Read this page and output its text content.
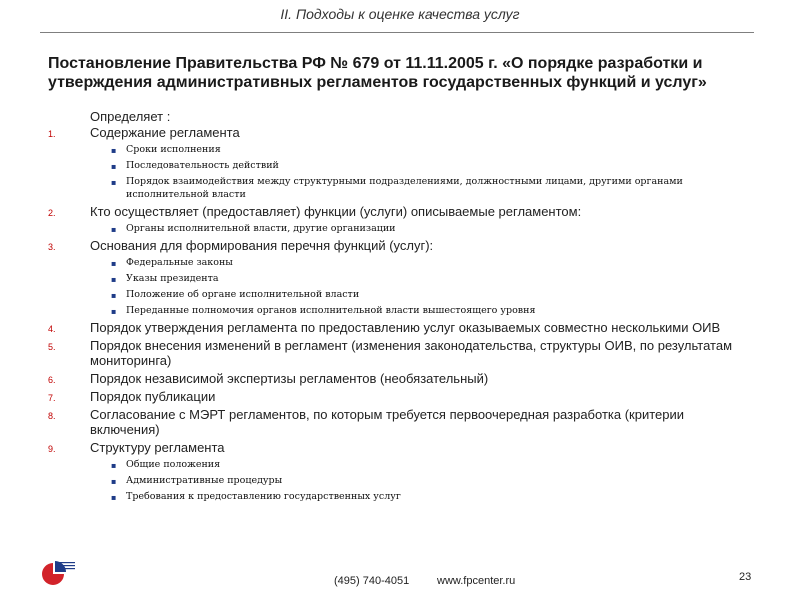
II. Подходы к оценке качества услуг
Постановление Правительства РФ № 679 от 11.11.2005 г. «О порядке разработки и утверждения административных регламентов государственных функций и услуг»
Определяет :
1.	Содержание регламента
▪ Сроки исполнения
▪ Последовательность действий
▪ Порядок взаимодействия между структурными подразделениями, должностными лицами, другими органами исполнительной власти
2.	Кто осуществляет (предоставляет) функции (услуги) описываемые регламентом:
▪ Органы исполнительной власти, другие организации
3.	Основания для формирования перечня функций (услуг):
▪ Федеральные законы
▪ Указы президента
▪ Положение об органе исполнительной власти
▪ Переданные полномочия органов исполнительной власти вышестоящего уровня
4.	Порядок утверждения регламента по предоставлению услуг оказываемых совместно несколькими ОИВ
5.	Порядок внесения изменений в регламент (изменения законодательства, структуры ОИВ, по результатам мониторинга)
6.	Порядок независимой экспертизы регламентов (необязательный)
7.	Порядок публикации
8.	Согласование с МЭРТ регламентов, по которым требуется первоочередная разработка (критерии включения)
9.	Структуру регламента
▪ Общие положения
▪ Административные процедуры
▪ Требования к предоставлению государственных услуг
(495) 740-4051	www.fpcenter.ru	23
